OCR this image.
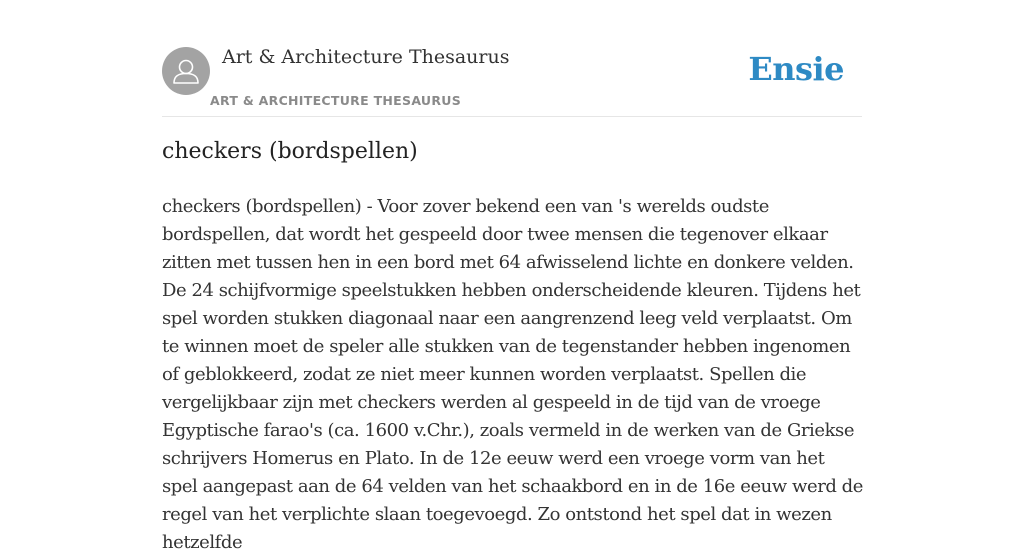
Art & Architecture Thesaurus
ART & ARCHITECTURE THESAURUS
Ensie
checkers (bordspellen)

checkers (bordspellen) - Voor zover bekend een van 's werelds oudste bordspellen, dat wordt het gespeeld door twee mensen die tegenover elkaar zitten met tussen hen in een bord met 64 afwisselend lichte en donkere velden. De 24 schijfvormige speelstukken hebben onderscheidende kleuren. Tijdens het spel worden stukken diagonaal naar een aangrenzend leeg veld verplaatst. Om te winnen moet de speler alle stukken van de tegenstander hebben ingenomen of geblokkeerd, zodat ze niet meer kunnen worden verplaatst. Spellen die vergelijkbaar zijn met checkers werden al gespeeld in de tijd van de vroege Egyptische farao's (ca. 1600 v.Chr.), zoals vermeld in de werken van de Griekse schrijvers Homerus en Plato. In de 12e eeuw werd een vroege vorm van het spel aangepast aan de 64 velden van het schaakbord en in de 16e eeuw werd de regel van het verplichte slaan toegevoegd. Zo ontstond het spel dat in wezen hetzelfde
